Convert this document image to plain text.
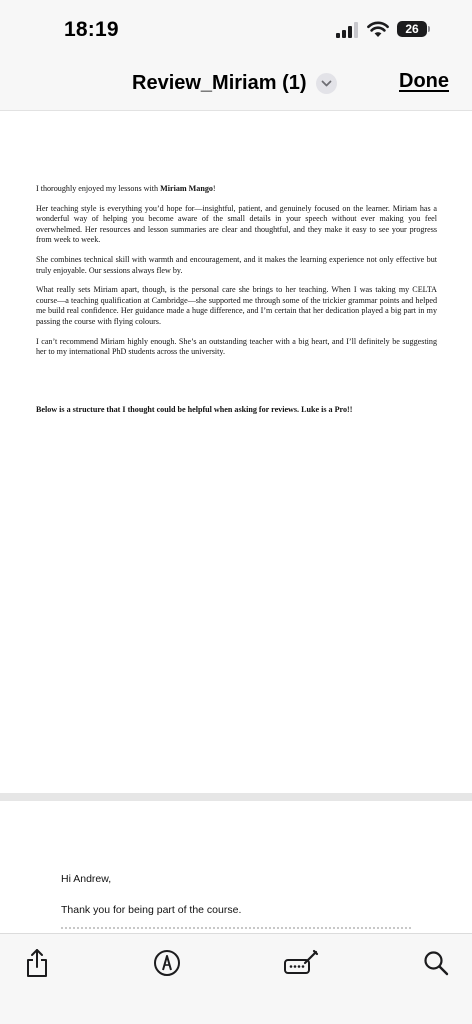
18:19	26
Review_Miriam (1)	Done

I thoroughly enjoyed my lessons with Miriam Mango!

Her teaching style is everything you’d hope for—insightful, patient, and genuinely focused on the learner. Miriam has a wonderful way of helping you become aware of the small details in your speech without ever making you feel overwhelmed. Her resources and lesson summaries are clear and thoughtful, and they make it easy to see your progress from week to week.

She combines technical skill with warmth and encouragement, and it makes the learning experience not only effective but truly enjoyable. Our sessions always flew by.

What really sets Miriam apart, though, is the personal care she brings to her teaching. When I was taking my CELTA course—a teaching qualification at Cambridge—she supported me through some of the trickier grammar points and helped me build real confidence. Her guidance made a huge difference, and I’m certain that her dedication played a big part in my passing the course with flying colours.

I can’t recommend Miriam highly enough. She’s an outstanding teacher with a big heart, and I’ll definitely be suggesting her to my international PhD students across the university.

Below is a structure that I thought could be helpful when asking for reviews. Luke is a Pro!!

Hi Andrew,

Thank you for being part of the course.
